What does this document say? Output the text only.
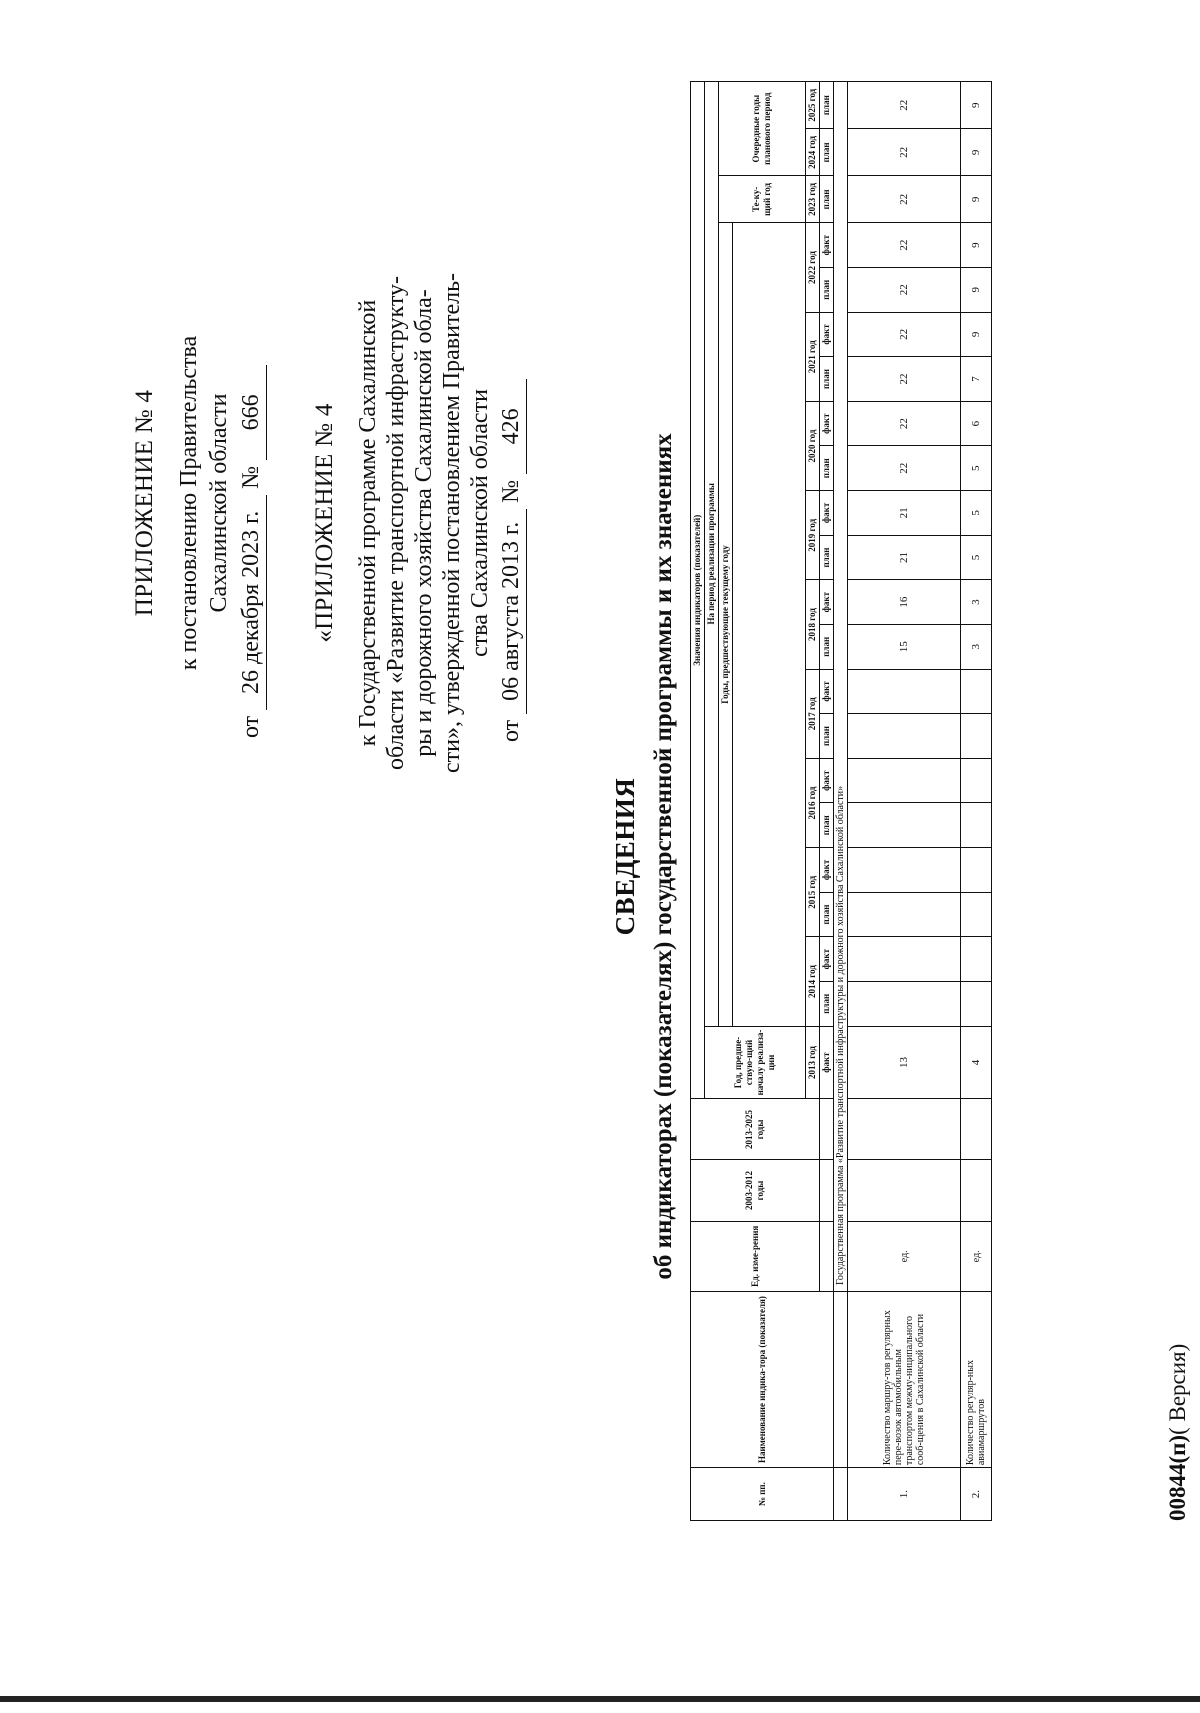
ПРИЛОЖЕНИЕ № 4 к постановлению Правительства Сахалинской области
от
26 декабря 2023 г.
№
666 «ПРИЛОЖЕНИЕ № 4 к Государственной программе Сахалинской области «Развитие транспортной инфраструкту- ры и дорожного хозяйства Сахалинской обла- сти», утвержденной постановлением Правитель- ства Сахалинской области
от
06 августа 2013 г.
№
426
СВЕДЕНИЯ об индикаторах (показателях) государственной программы и их значениях
№ пп.	Наименование индика-тора (показателя)	Ед. изме-рения	2003-2012 годы	2013-2025 годы	Значения индикаторов (показателей)																					
					Год, предше-ствую-щий началу реализа-ции	На период реализации программы																				
						Годы, предшествующие текущему году																		Те-ку-щий год	Очередные годы планового период	

					2013 год	2014 год		2015 год		2016 год		2017 год		2018 год		2019 год		2020 год		2021 год		2022 год		2023 год	2024 год	2025 год
					факт	план	факт	план	факт	план	факт	план	факт	план	факт	план	факт	план	факт	план	факт	план	факт	план	план	план
		Государственная программа «Развитие транспортной инфраструктуры и дорожного хозяйства Сахалинской области»																								
1.	Количество маршру-тов регулярных пере-возок автомобильным транспортом межму-ниципального сооб-щения в Сахалинской области	ед.			13									15	16	21	21	22	22	22	22	22	22	22	22	22
2.	Количество регуляр-ных авиамаршрутов	ед.			4									3	3	5	5	5	6	7	9	9	9	9	9	9
00844(п)( Версия)
